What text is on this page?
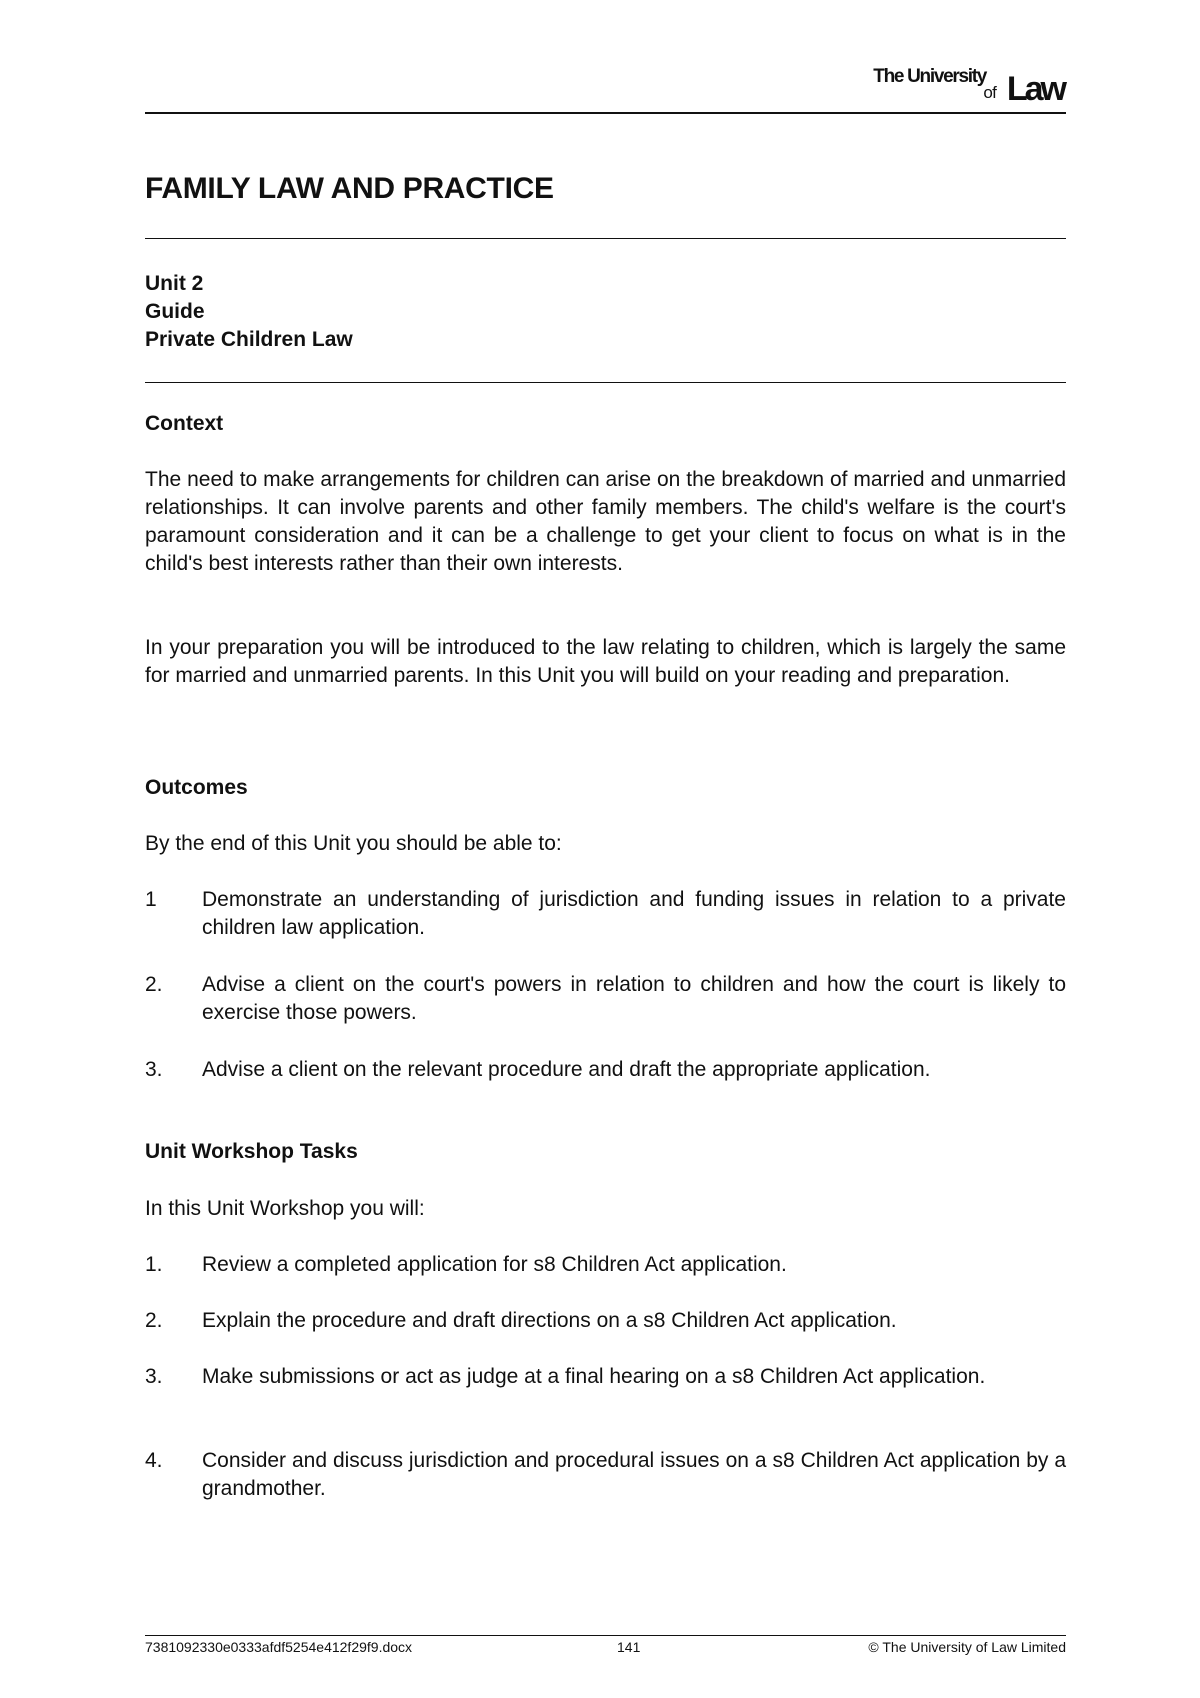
The University
of Law
FAMILY LAW AND PRACTICE
Unit 2
Guide
Private Children Law
Context
The need to make arrangements for children can arise on the breakdown of married and unmarried relationships. It can involve parents and other family members. The child's welfare is the court's paramount consideration and it can be a challenge to get your client to focus on what is in the child's best interests rather than their own interests.
In your preparation you will be introduced to the law relating to children, which is largely the same for married and unmarried parents. In this Unit you will build on your reading and preparation.
Outcomes
By the end of this Unit you should be able to:
1	Demonstrate an understanding of jurisdiction and funding issues in relation to a private children law application.
2.	Advise a client on the court's powers in relation to children and how the court is likely to exercise those powers.
3.	Advise a client on the relevant procedure and draft the appropriate application.
Unit Workshop Tasks
In this Unit Workshop you will:
1.	Review a completed application for s8 Children Act application.
2.	Explain the procedure and draft directions on a s8 Children Act application.
3.	Make submissions or act as judge at a final hearing on a s8 Children Act application.
4.	Consider and discuss jurisdiction and procedural issues on a s8 Children Act application by a grandmother.
7381092330e0333afdf5254e412f29f9.docx	141	© The University of Law Limited
